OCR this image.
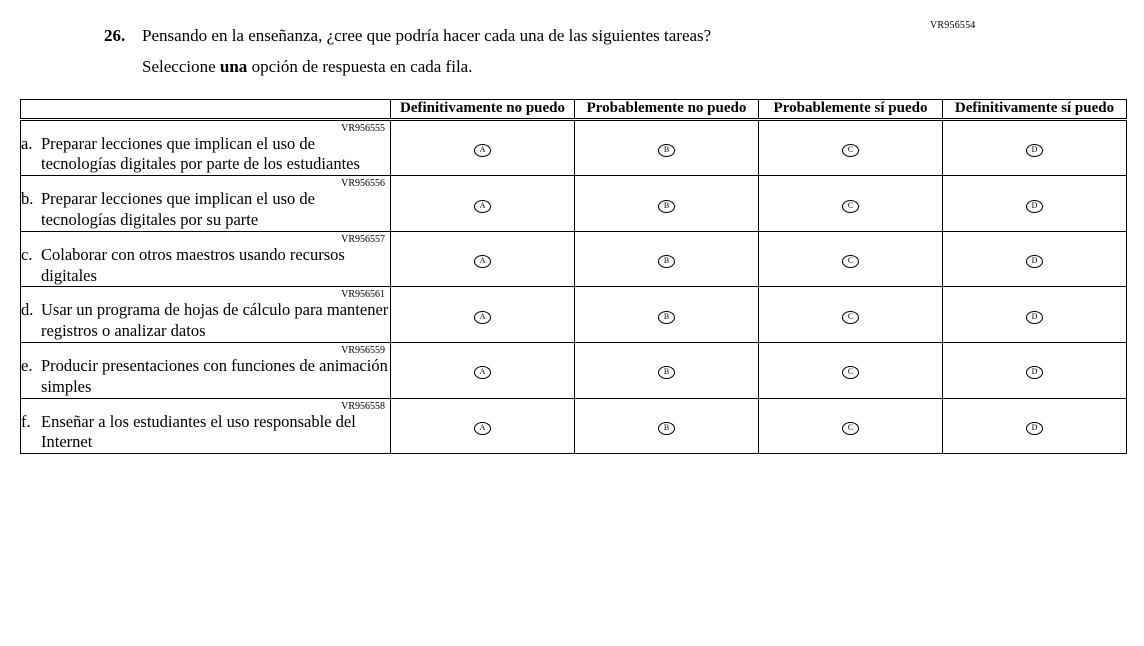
VR956554
26. Pensando en la enseñanza, ¿cree que podría hacer cada una de las siguientes tareas?
Seleccione una opción de respuesta en cada fila.
	Definitivamente no puedo	Probablemente no puedo	Probablemente sí puedo	Definitivamente sí puedo

VR956555
a. Preparar lecciones que implican el uso de tecnologías digitales por parte de los estudiantes	A	B	C	D

VR956556
b. Preparar lecciones que implican el uso de tecnologías digitales por su parte	A	B	C	D

VR956557
c. Colaborar con otros maestros usando recursos digitales	A	B	C	D

VR956561
d. Usar un programa de hojas de cálculo para mantener registros o analizar datos	A	B	C	D

VR956559
e. Producir presentaciones con funciones de animación simples	A	B	C	D

VR956558
f. Enseñar a los estudiantes el uso responsable del Internet	A	B	C	D
